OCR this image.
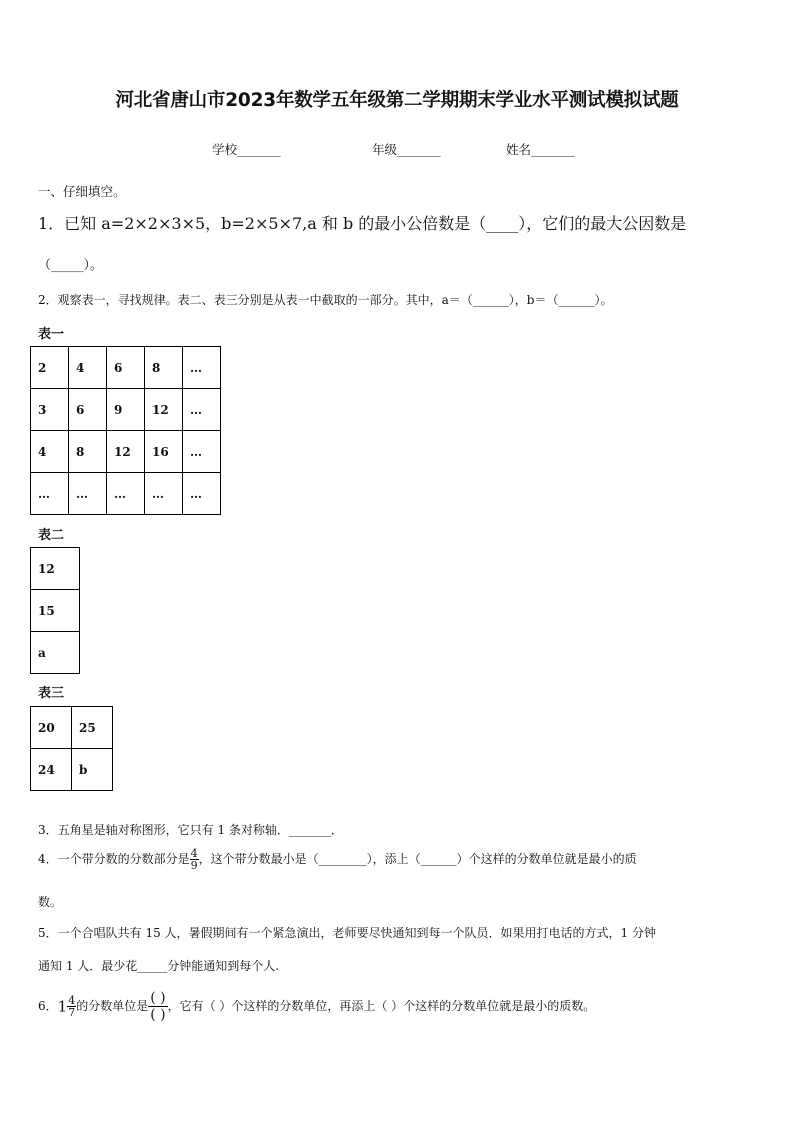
河北省唐山市2023年数学五年级第二学期期末学业水平测试模拟试题
学校_______	年级_______	姓名_______
一、仔细填空。
1．已知 a=2×2×3×5，b=2×5×7,a 和 b 的最小公倍数是（____），它们的最大公因数是
（_____）。
2．观察表一，寻找规律。表二、表三分别是从表一中截取的一部分。其中，a＝（______），b＝（______）。
表一
2	4	6	8	…
3	6	9	12	…
4	8	12	16	…
…	…	…	…	…
表二
12
15
a
表三
20	25
24	b
3．五角星是轴对称图形，它只有 1 条对称轴．_______．
4．一个带分数的分数部分是 $\frac{4}{9}$ ，这个带分数最小是（________），添上（______）个这样的分数单位就是最小的质
数。
5．一个合唱队共有 15 人，暑假期间有一个紧急演出，老师要尽快通知到每一个队员．如果用打电话的方式，1 分钟
通知 1 人．最少花_____分钟能通知到每个人.
6．$1 \frac{4}{7}$ 的分数单位是 $\frac{( )}{( )}$ ，它有（ ）个这样的分数单位，再添上（ ）个这样的分数单位就是最小的质数。
